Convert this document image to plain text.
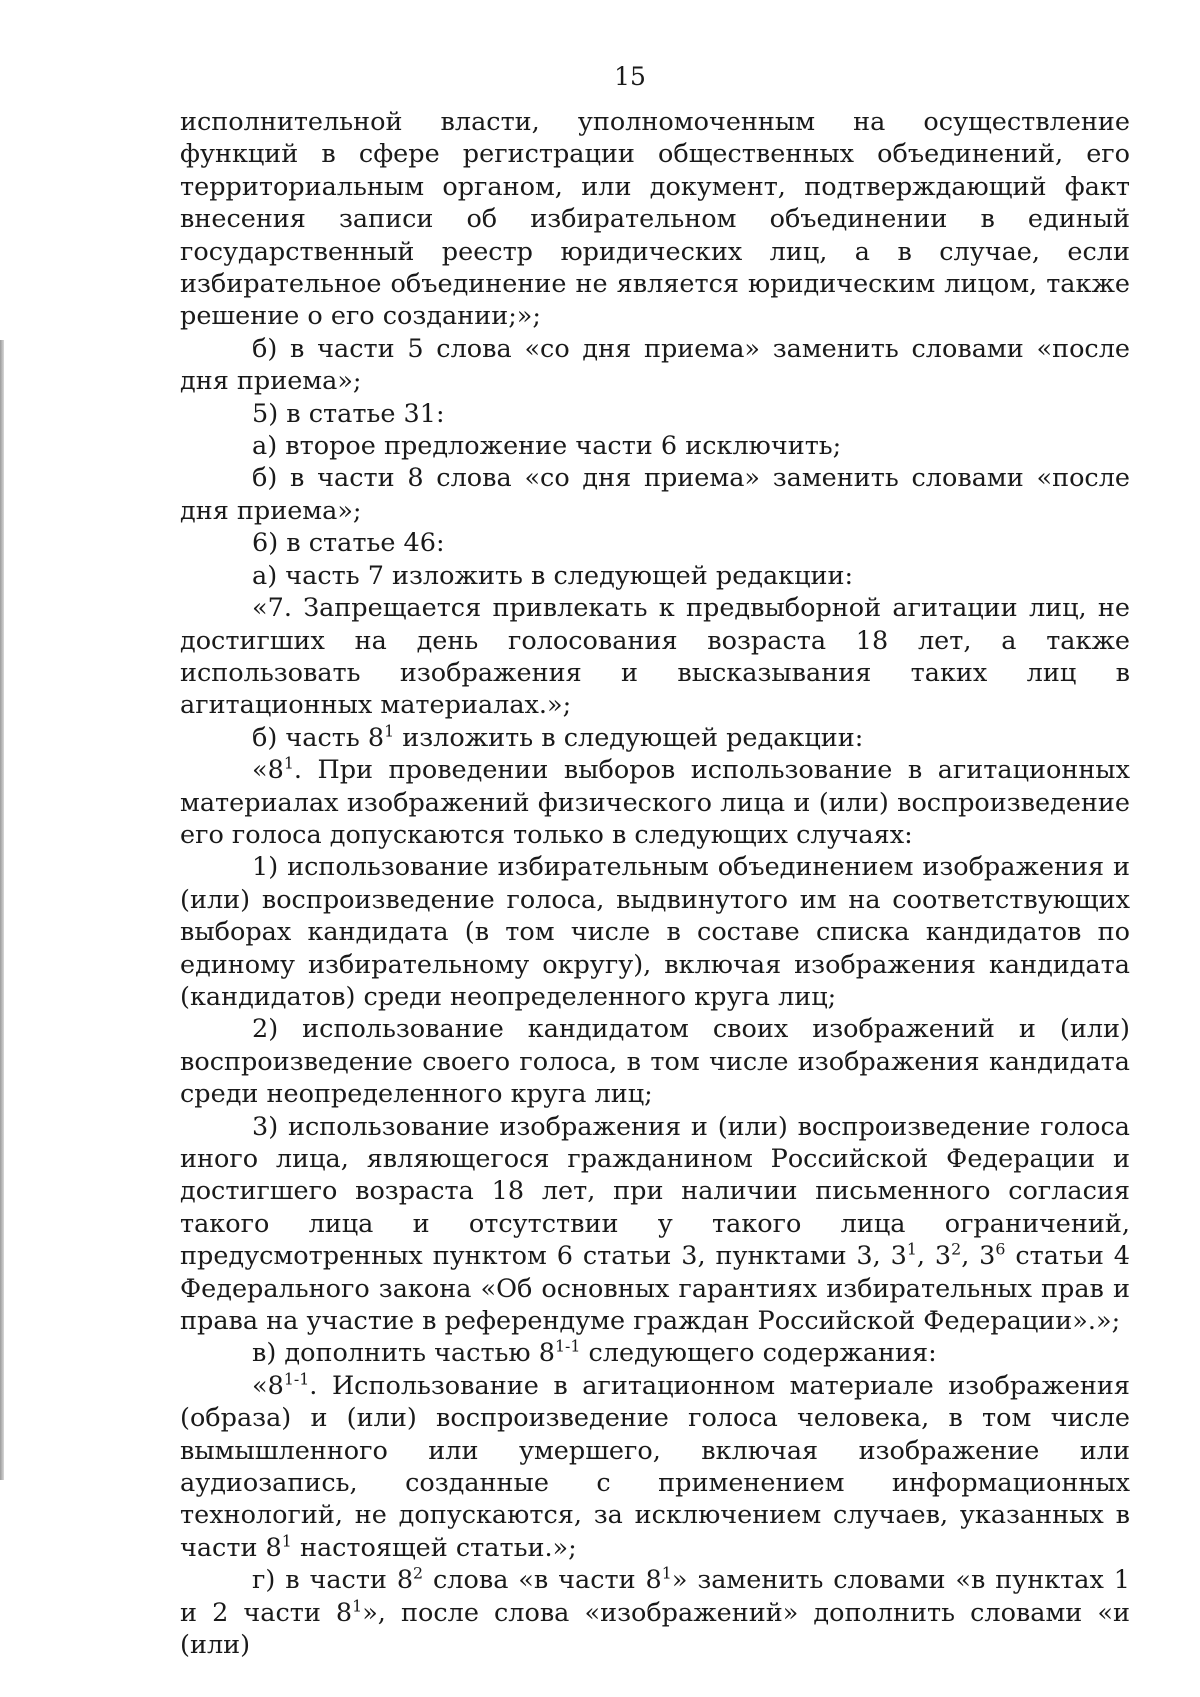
15

исполнительной власти, уполномоченным на осуществление функций в сфере регистрации общественных объединений, его территориальным органом, или документ, подтверждающий факт внесения записи об избирательном объединении в единый государственный реестр юридических лиц, а в случае, если избирательное объединение не является юридическим лицом, также решение о его создании;»;

б) в части 5 слова «со дня приема» заменить словами «после дня приема»;

5) в статье 31:

а) второе предложение части 6 исключить;

б) в части 8 слова «со дня приема» заменить словами «после дня приема»;

6) в статье 46:

а) часть 7 изложить в следующей редакции:

«7. Запрещается привлекать к предвыборной агитации лиц, не достигших на день голосования возраста 18 лет, а также использовать изображения и высказывания таких лиц в агитационных материалах.»;

б) часть $8^1$ изложить в следующей редакции:

«$8^1$. При проведении выборов использование в агитационных материалах изображений физического лица и (или) воспроизведение его голоса допускаются только в следующих случаях:

1) использование избирательным объединением изображения и (или) воспроизведение голоса, выдвинутого им на соответствующих выборах кандидата (в том числе в составе списка кандидатов по единому избирательному округу), включая изображения кандидата (кандидатов) среди неопределенного круга лиц;

2) использование кандидатом своих изображений и (или) воспроизведение своего голоса, в том числе изображения кандидата среди неопределенного круга лиц;

3) использование изображения и (или) воспроизведение голоса иного лица, являющегося гражданином Российской Федерации и достигшего возраста 18 лет, при наличии письменного согласия такого лица и отсутствии у такого лица ограничений, предусмотренных пунктом 6 статьи 3, пунктами 3, $3^1$, $3^2$, $3^6$ статьи 4 Федерального закона «Об основных гарантиях избирательных прав и права на участие в референдуме граждан Российской Федерации».»;

в) дополнить частью 8$^{1-1}$ следующего содержания:

«8$^{1-1}$. Использование в агитационном материале изображения (образа) и (или) воспроизведение голоса человека, в том числе вымышленного или умершего, включая изображение или аудиозапись, созданные с применением информационных технологий, не допускаются, за исключением случаев, указанных в части $8^1$ настоящей статьи.»;

г) в части $8^2$ слова «в части $8^1$» заменить словами «в пунктах 1 и 2 части $8^1$», после слова «изображений» дополнить словами «и (или)
